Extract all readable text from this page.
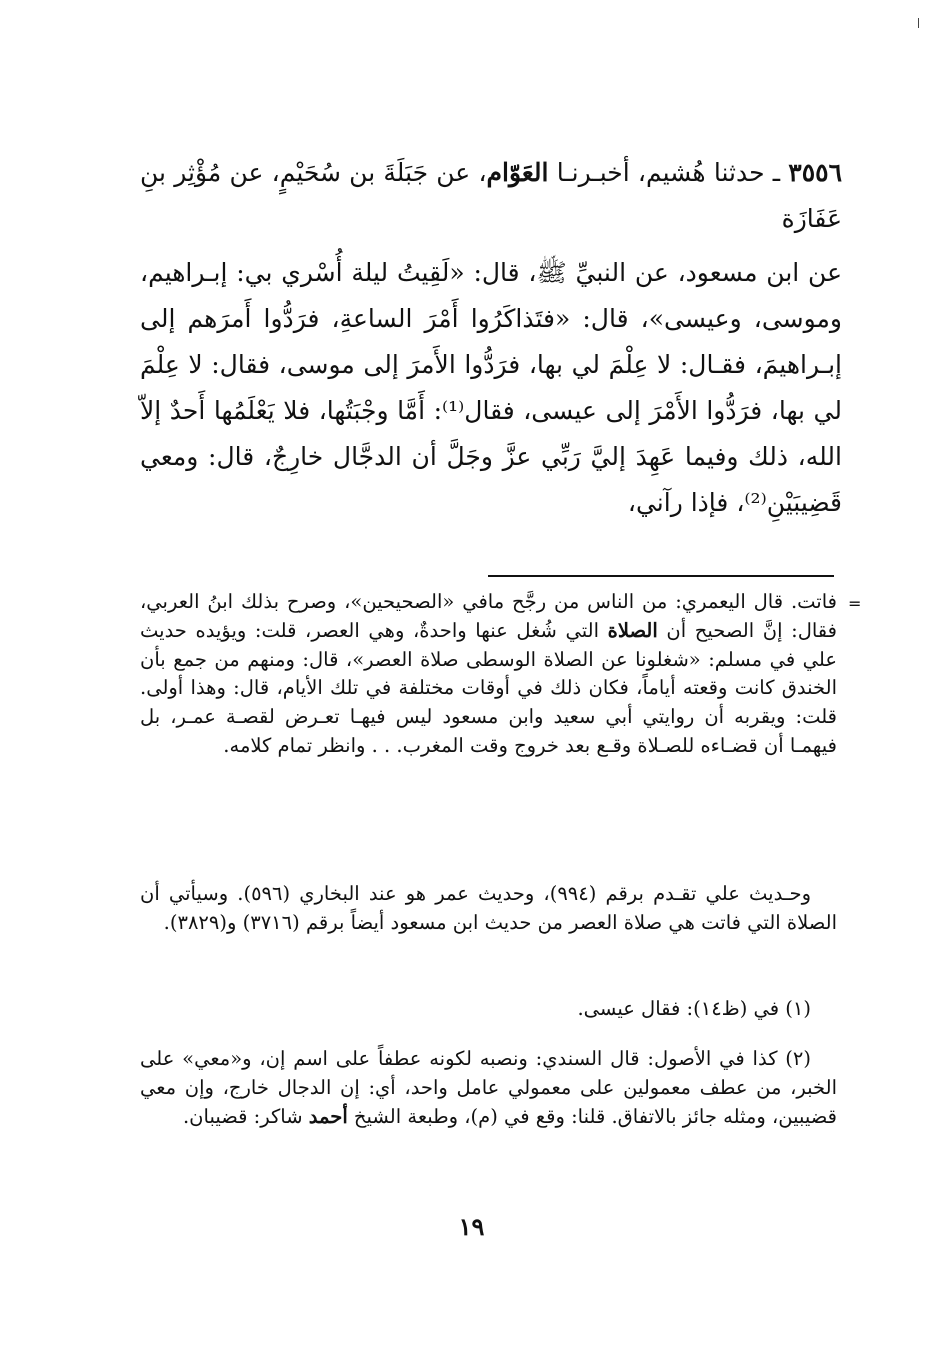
٣٥٥٦ ـ حدثنا هُشيم، أخبـرنـا العَوّام، عن جَبَلَةَ بن سُحَيْمٍ، عن مُؤْثِر بنِ عَفَازَة
عن ابن مسعود، عن النبيِّ ﷺ، قال: «لَقِيتُ ليلة أُسْري بي: إبـراهيم، وموسى، وعيسى»، قال: «فتَذاكَرُوا أَمْرَ الساعةِ، فرَدُّوا أَمرَهم إلى إبـراهيمَ، فقـال: لا عِلْمَ لي بها، فرَدُّوا الأَمرَ إلى موسى، فقال: لا عِلْمَ لي بها، فرَدُّوا الأَمْرَ إلى عيسى، فقال⁽¹⁾: أَمَّا وجْبَتُها، فلا يَعْلَمُها أَحدٌ إلاّ الله، ذلك وفيما عَهِدَ إليَّ رَبِّي عزَّ وجَلَّ أن الدجَّال خارِجٌ، قال: ومعي قَضِيبَيْنِ⁽²⁾، فإذا رآني،
=

فاتت. قال اليعمري: من الناس من رجَّح مافي «الصحيحين»، وصرح بذلك ابنُ العربي، فقال: إنَّ الصحيح أن الصلاة التي شُغل عنها واحدةٌ، وهي العصر، قلت: ويؤيده حديث علي في مسلم: «شغلونا عن الصلاة الوسطى صلاة العصر»، قال: ومنهم من جمع بأن الخندق كانت وقعته أياماً، فكان ذلك في أوقات مختلفة في تلك الأيام، قال: وهذا أولى. قلت: ويقربه أن روايتي أبي سعيد وابن مسعود ليس فيهـا تعـرض لقصـة عمـر، بل فيهمـا أن قضـاءه للصـلاة وقـع بعد خروج وقت المغرب. . . وانظر تمام كلامه.

وحـديث علي تقـدم برقم (٩٩٤)، وحديث عمر هو عند البخاري (٥٩٦). وسيأتي أن الصلاة التي فاتت هي صلاة العصر من حديث ابن مسعود أيضاً برقم (٣٧١٦) و(٣٨٢٩).

(١) في (ظ١٤): فقال عيسى.

(٢) كذا في الأصول: قال السندي: ونصبه لكونه عطفاً على اسم إن، و«معي» على الخبر، من عطف معمولين على معمولي عامل واحد، أي: إن الدجال خارج، وإن معي قضيبين، ومثله جائز بالاتفاق. قلنا: وقع في (م)، وطبعة الشيخ أحمد شاكر: قضيبان.

١٩
